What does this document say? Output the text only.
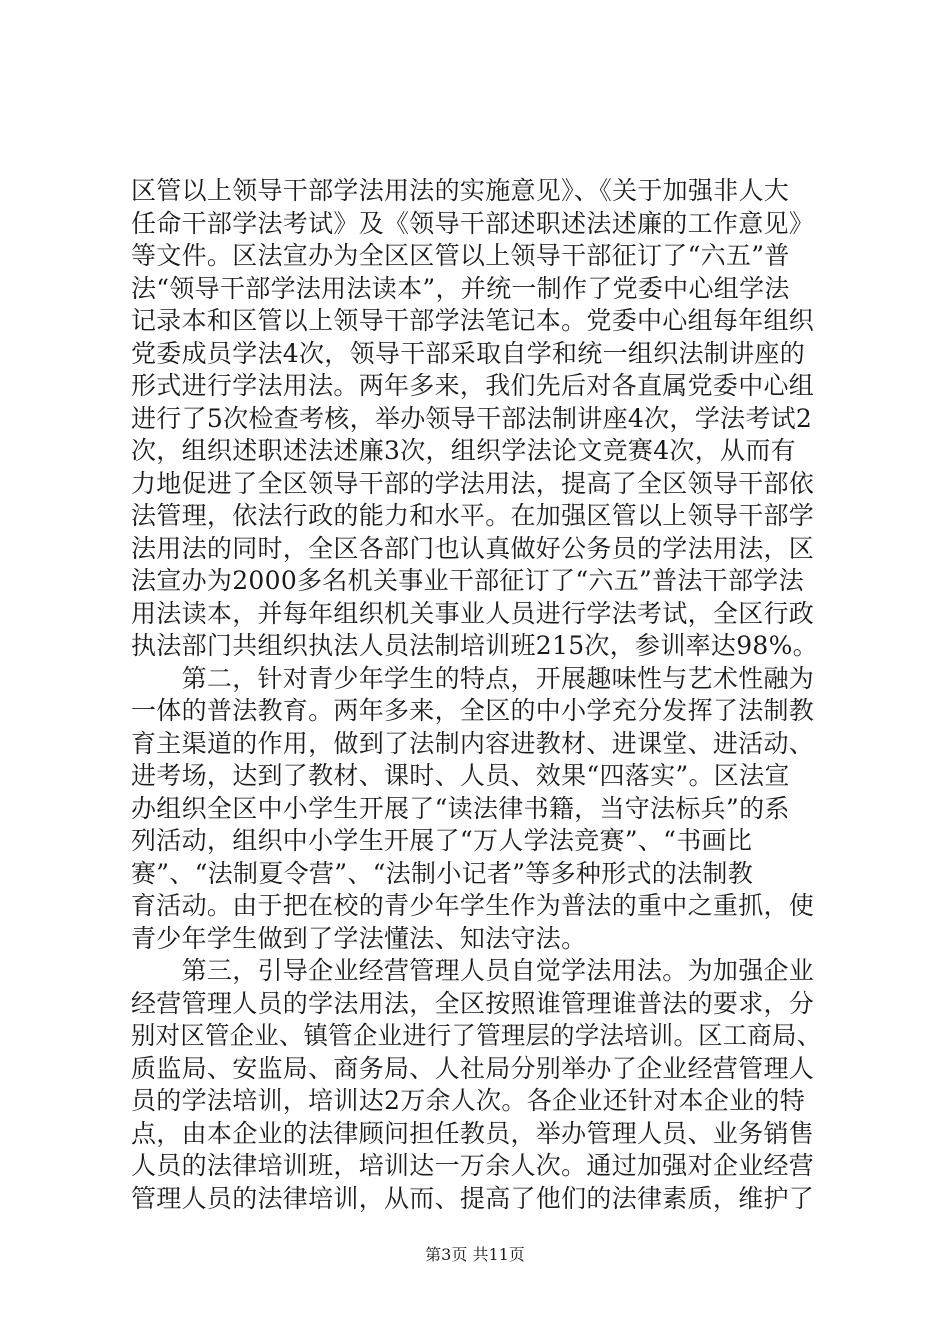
区管以上领导干部学法用法的实施意见》、《关于加强非人大
任命干部学法考试》及《领导干部述职述法述廉的工作意见》
等文件。区法宣办为全区区管以上领导干部征订了“六五”普
法“领导干部学法用法读本”，并统一制作了党委中心组学法
记录本和区管以上领导干部学法笔记本。党委中心组每年组织
党委成员学法4次，领导干部采取自学和统一组织法制讲座的
形式进行学法用法。两年多来，我们先后对各直属党委中心组
进行了5次检查考核，举办领导干部法制讲座4次，学法考试2
次，组织述职述法述廉3次，组织学法论文竞赛4次，从而有
力地促进了全区领导干部的学法用法，提高了全区领导干部依
法管理，依法行政的能力和水平。在加强区管以上领导干部学
法用法的同时，全区各部门也认真做好公务员的学法用法，区
法宣办为2000多名机关事业干部征订了“六五”普法干部学法
用法读本，并每年组织机关事业人员进行学法考试，全区行政
执法部门共组织执法人员法制培训班215次，参训率达98%。
　　第二，针对青少年学生的特点，开展趣味性与艺术性融为
一体的普法教育。两年多来，全区的中小学充分发挥了法制教
育主渠道的作用，做到了法制内容进教材、进课堂、进活动、
进考场，达到了教材、课时、人员、效果“四落实”。区法宣
办组织全区中小学生开展了“读法律书籍，当守法标兵”的系
列活动，组织中小学生开展了“万人学法竞赛”、“书画比
赛”、“法制夏令营”、“法制小记者”等多种形式的法制教
育活动。由于把在校的青少年学生作为普法的重中之重抓，使
青少年学生做到了学法懂法、知法守法。
　　第三，引导企业经营管理人员自觉学法用法。为加强企业
经营管理人员的学法用法，全区按照谁管理谁普法的要求，分
别对区管企业、镇管企业进行了管理层的学法培训。区工商局、
质监局、安监局、商务局、人社局分别举办了企业经营管理人
员的学法培训，培训达2万余人次。各企业还针对本企业的特
点，由本企业的法律顾问担任教员，举办管理人员、业务销售
人员的法律培训班，培训达一万余人次。通过加强对企业经营
管理人员的法律培训，从而、提高了他们的法律素质，维护了
第3页 共11页
